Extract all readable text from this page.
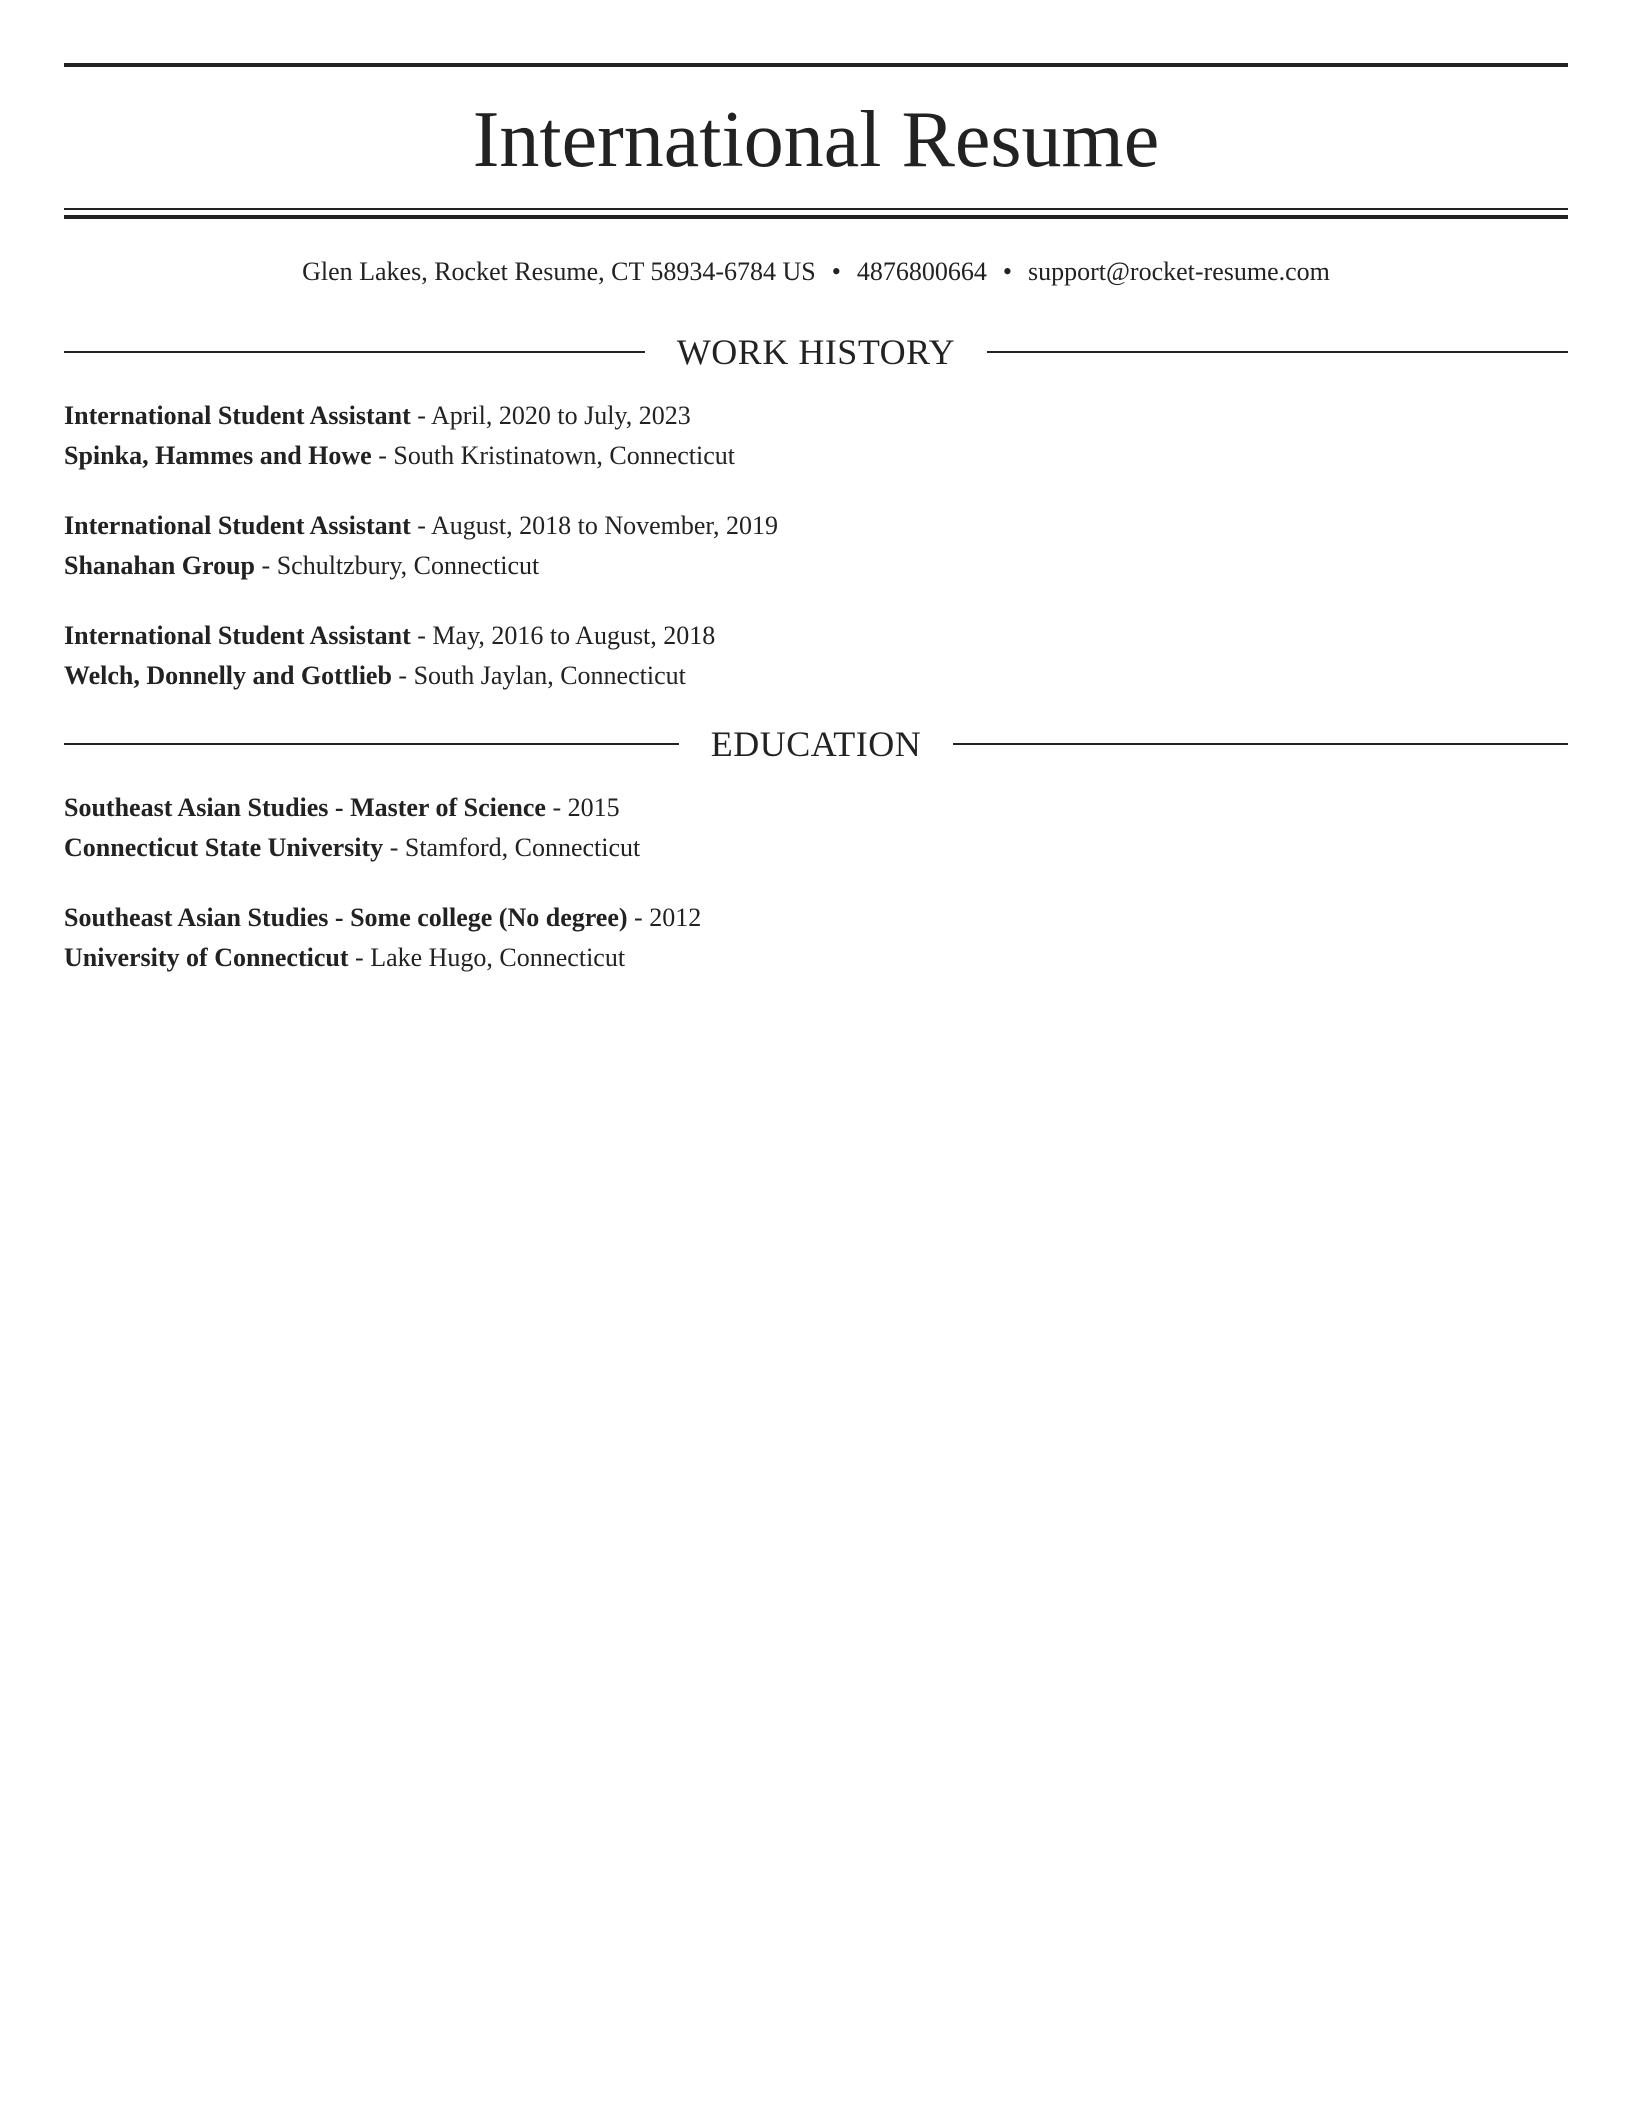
International Resume
Glen Lakes, Rocket Resume, CT 58934-6784 US • 4876800664 • support@rocket-resume.com
WORK HISTORY
International Student Assistant - April, 2020 to July, 2023
Spinka, Hammes and Howe - South Kristinatown, Connecticut
International Student Assistant - August, 2018 to November, 2019
Shanahan Group - Schultzbury, Connecticut
International Student Assistant - May, 2016 to August, 2018
Welch, Donnelly and Gottlieb - South Jaylan, Connecticut
EDUCATION
Southeast Asian Studies - Master of Science - 2015
Connecticut State University - Stamford, Connecticut
Southeast Asian Studies - Some college (No degree) - 2012
University of Connecticut - Lake Hugo, Connecticut
